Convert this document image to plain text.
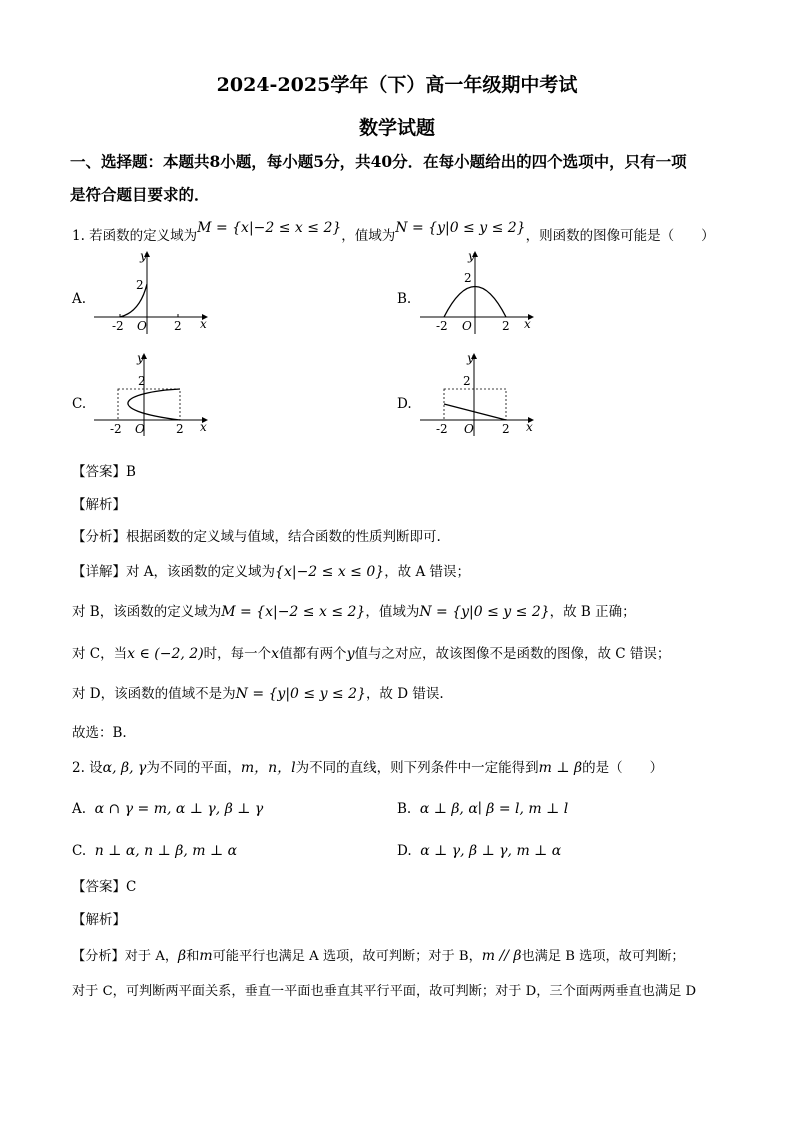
2024-2025学年（下）高一年级期中考试
数学试题
一、选择题：本题共8小题，每小题5分，共40分．在每小题给出的四个选项中，只有一项
是符合题目要求的．
1. 若函数的定义域为M = {x|−2 ≤ x ≤ 2}，值域为N = {y|0 ≤ y ≤ 2}，则函数的图像可能是（　　）
A.	B.
C.	D.
y
x
2
-2 O 2
y
x
2
-2 O	2
y
x
2
-2 O	2
y
x
2
-2 O 2
【答案】B
【解析】
【分析】根据函数的定义域与值域，结合函数的性质判断即可.
【详解】对 A，该函数的定义域为{x|−2 ≤ x ≤ 0}，故 A 错误；
对 B，该函数的定义域为M = {x|−2 ≤ x ≤ 2}，值域为N = {y|0 ≤ y ≤ 2}，故 B 正确；
对 C，当x ∈ (−2, 2)时，每一个x值都有两个y值与之对应，故该图像不是函数的图像，故 C 错误；
对 D，该函数的值域不是为N = {y|0 ≤ y ≤ 2}，故 D 错误.
故选：B.
2. 设α, β, γ为不同的平面，m，n，l为不同的直线，则下列条件中一定能得到m ⊥ β的是（　　）
A. α ∩ γ = m, α ⊥ γ, β ⊥ γ	B. α ⊥ β, α∣ β = l, m ⊥ l
C. n ⊥ α, n ⊥ β, m ⊥ α	D. α ⊥ γ, β ⊥ γ, m ⊥ α
【答案】C
【解析】
【分析】对于 A，β和m可能平行也满足 A 选项，故可判断；对于 B，m // β也满足 B 选项，故可判断；
对于 C，可判断两平面关系，垂直一平面也垂直其平行平面，故可判断；对于 D，三个面两两垂直也满足 D
